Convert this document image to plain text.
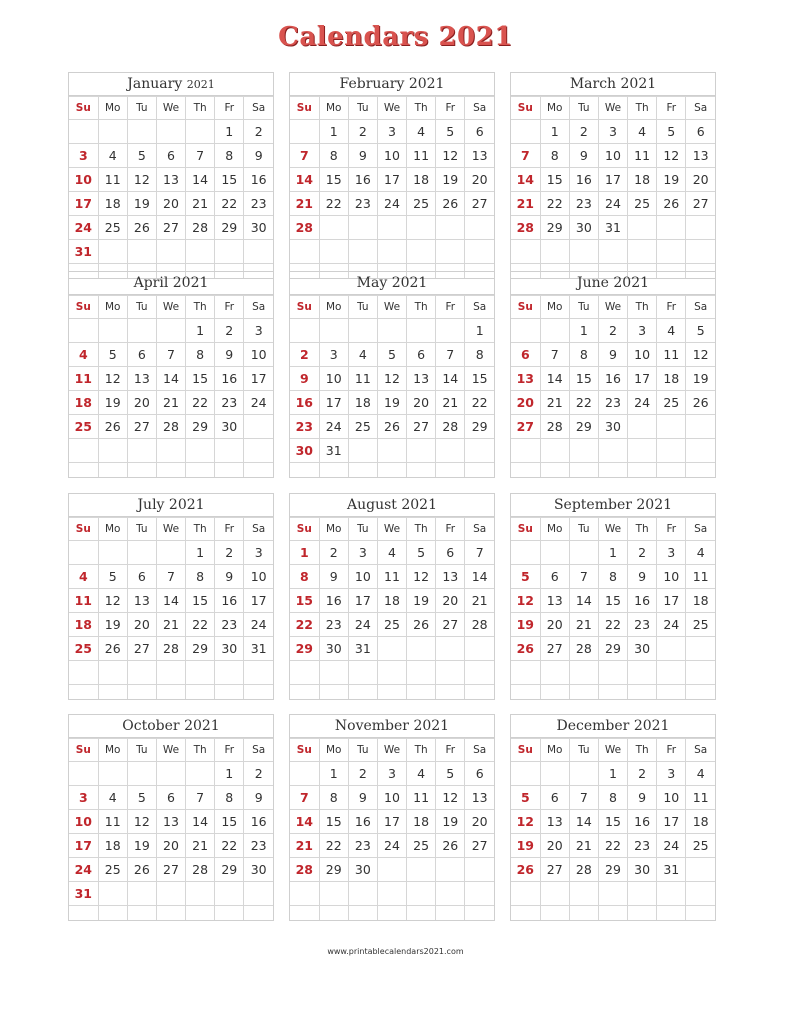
Calendars 2021
January 2021
Su	Mo	Tu	We	Th	Fr	Sa
					1	2
3	4	5	6	7	8	9
10	11	12	13	14	15	16
17	18	19	20	21	22	23
24	25	26	27	28	29	30
31						

February 2021
Su	Mo	Tu	We	Th	Fr	Sa
	1	2	3	4	5	6
7	8	9	10	11	12	13
14	15	16	17	18	19	20
21	22	23	24	25	26	27
28						

March 2021
Su	Mo	Tu	We	Th	Fr	Sa
	1	2	3	4	5	6
7	8	9	10	11	12	13
14	15	16	17	18	19	20
21	22	23	24	25	26	27
28	29	30	31			

April 2021
Su	Mo	Tu	We	Th	Fr	Sa
				1	2	3
4	5	6	7	8	9	10
11	12	13	14	15	16	17
18	19	20	21	22	23	24
25	26	27	28	29	30	

May 2021
Su	Mo	Tu	We	Th	Fr	Sa
						1
2	3	4	5	6	7	8
9	10	11	12	13	14	15
16	17	18	19	20	21	22
23	24	25	26	27	28	29
30	31					

June 2021
Su	Mo	Tu	We	Th	Fr	Sa
		1	2	3	4	5
6	7	8	9	10	11	12
13	14	15	16	17	18	19
20	21	22	23	24	25	26
27	28	29	30			

July 2021
Su	Mo	Tu	We	Th	Fr	Sa
				1	2	3
4	5	6	7	8	9	10
11	12	13	14	15	16	17
18	19	20	21	22	23	24
25	26	27	28	29	30	31

August 2021
Su	Mo	Tu	We	Th	Fr	Sa
1	2	3	4	5	6	7
8	9	10	11	12	13	14
15	16	17	18	19	20	21
22	23	24	25	26	27	28
29	30	31				

September 2021
Su	Mo	Tu	We	Th	Fr	Sa
			1	2	3	4
5	6	7	8	9	10	11
12	13	14	15	16	17	18
19	20	21	22	23	24	25
26	27	28	29	30		

October 2021
Su	Mo	Tu	We	Th	Fr	Sa
					1	2
3	4	5	6	7	8	9
10	11	12	13	14	15	16
17	18	19	20	21	22	23
24	25	26	27	28	29	30
31						

November 2021
Su	Mo	Tu	We	Th	Fr	Sa
	1	2	3	4	5	6
7	8	9	10	11	12	13
14	15	16	17	18	19	20
21	22	23	24	25	26	27
28	29	30				

December 2021
Su	Mo	Tu	We	Th	Fr	Sa
			1	2	3	4
5	6	7	8	9	10	11
12	13	14	15	16	17	18
19	20	21	22	23	24	25
26	27	28	29	30	31	

www.printablecalendars2021.com
